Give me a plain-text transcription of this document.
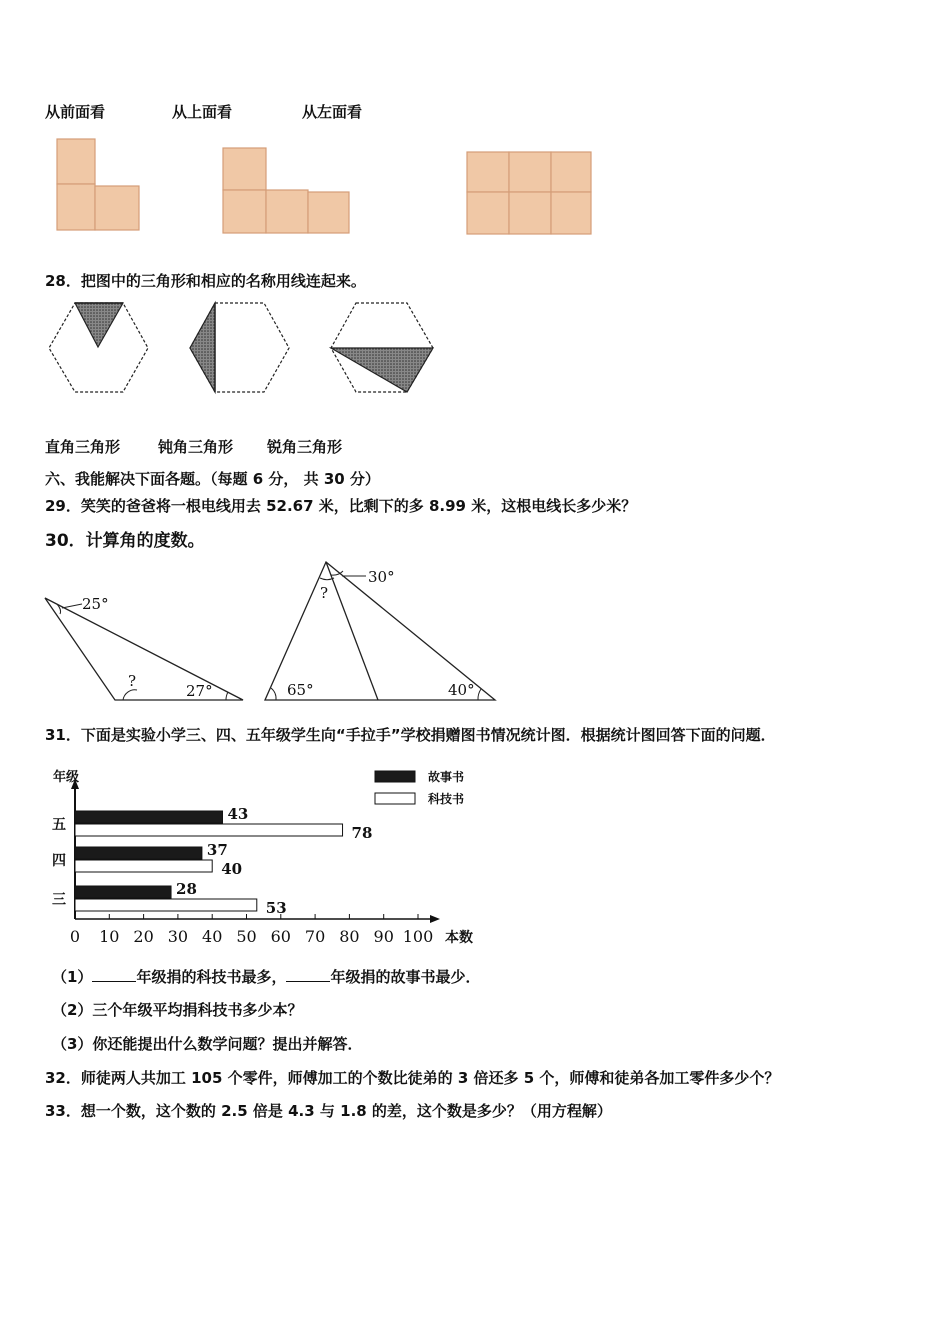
从前面看	从上面看	从左面看
28．把图中的三角形和相应的名称用线连起来。
直角三角形	钝角三角形 锐角三角形
六、我能解决下面各题。（每题 6 分， 共 30 分）
29．笑笑的爸爸将一根电线用去 52.67 米，比剩下的多 8.99 米，这根电线长多少米？
30．计算角的度数。
25°
?
27°
30°
?
65°	40°
31．下面是实验小学三、四、五年级学生向“手拉手”学校捐赠图书情况统计图．根据统计图回答下面的问题．
年级
0 10 20 30 40 50 60 70 80 90 100 本数
五
43
78
四
37
40
三
28
53
故事书
科技书
（1）	年级捐的科技书最多，	年级捐的故事书最少．
（2）三个年级平均捐科技书多少本？
（3）你还能提出什么数学问题？提出并解答．
32．师徒两人共加工 105 个零件，师傅加工的个数比徒弟的 3 倍还多 5 个，师傅和徒弟各加工零件多少个？
33．想一个数，这个数的 2.5 倍是 4.3 与 1.8 的差，这个数是多少？（用方程解）
